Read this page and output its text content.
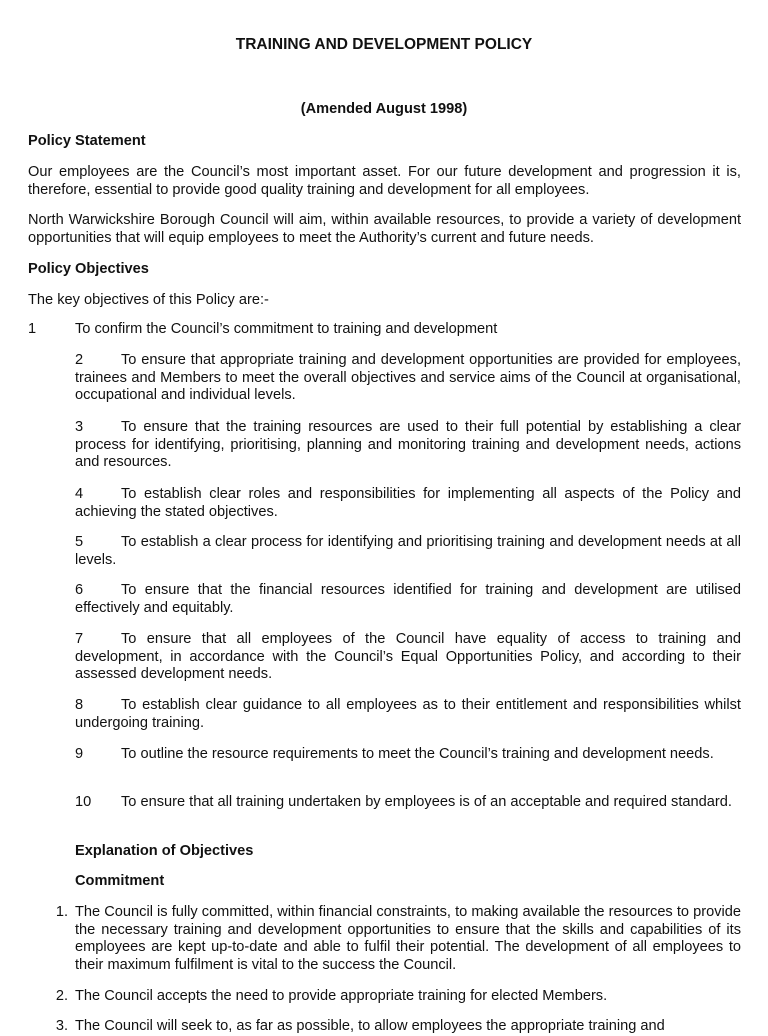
TRAINING AND DEVELOPMENT POLICY
(Amended August 1998)
Policy Statement
Our employees are the Council’s most important asset. For our future development and progression it is, therefore, essential to provide good quality training and development for all employees.
North Warwickshire Borough Council will aim, within available resources, to provide a variety of development opportunities that will equip employees to meet the Authority’s current and future needs.
Policy Objectives
The key objectives of this Policy are:-
1	To confirm the Council’s commitment to training and development
2	To ensure that appropriate training and development opportunities are provided for employees, trainees and Members to meet the overall objectives and service aims of the Council at organisational, occupational and individual levels.
3	To ensure that the training resources are used to their full potential by establishing a clear process for identifying, prioritising, planning and monitoring training and development needs, actions and resources.
4	To establish clear roles and responsibilities for implementing all aspects of the Policy and achieving the stated objectives.
5	To establish a clear process for identifying and prioritising training and development needs at all levels.
6	To ensure that the financial resources identified for training and development are utilised effectively and equitably.
7	To ensure that all employees of the Council have equality of access to training and development, in accordance with the Council’s Equal Opportunities Policy, and according to their assessed development needs.
8	To establish clear guidance to all employees as to their entitlement and responsibilities whilst undergoing training.
9	To outline the resource requirements to meet the Council’s training and development needs.
10 To ensure that all training undertaken by employees is of an acceptable and required standard.
Explanation of Objectives
Commitment
1. The Council is fully committed, within financial constraints, to making available the resources to provide the necessary training and development opportunities to ensure that the skills and capabilities of its employees are kept up-to-date and able to fulfil their potential. The development of all employees to their maximum fulfilment is vital to the success the Council.
2. The Council accepts the need to provide appropriate training for elected Members.
3. The Council will seek to, as far as possible, to allow employees the appropriate training and
